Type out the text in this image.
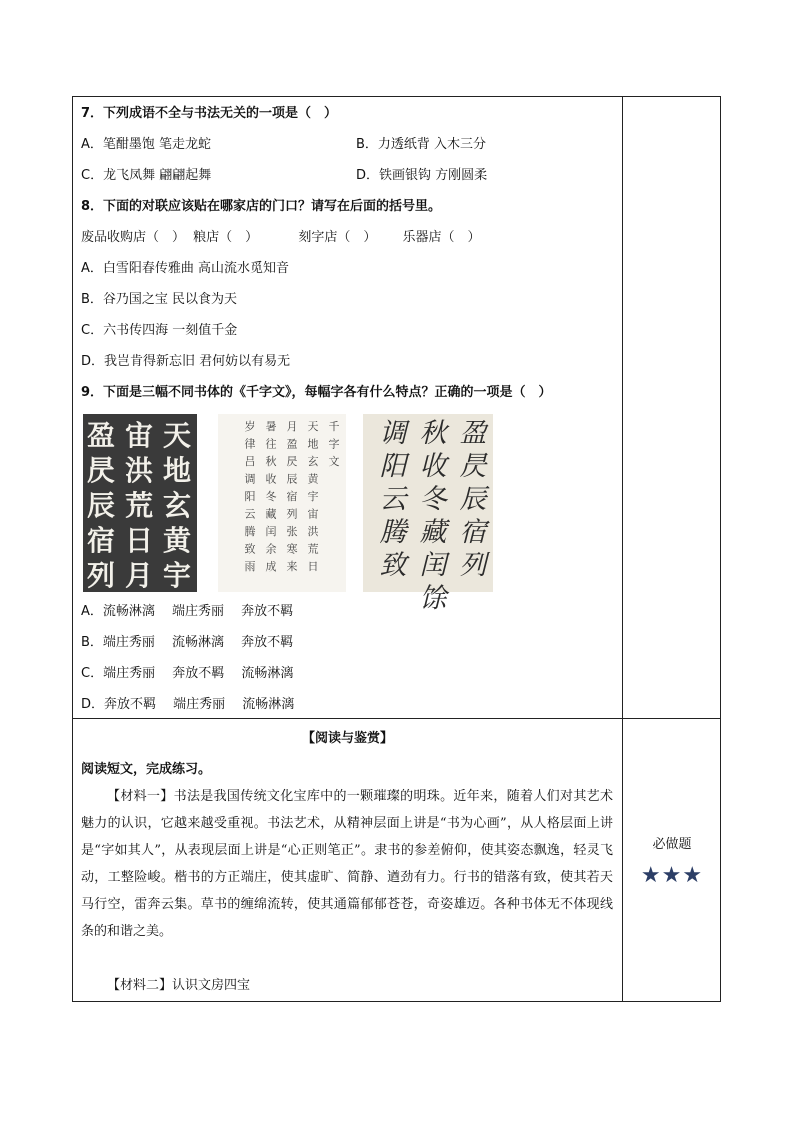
7．下列成语不全与书法无关的一项是（　）
A．笔酣墨饱 笔走龙蛇	B．力透纸背 入木三分
C．龙飞凤舞 翩翩起舞	D．铁画银钩 方刚圆柔
8．下面的对联应该贴在哪家店的门口？请写在后面的括号里。
废品收购店（　） 粮店（　）	刻字店（　） 乐器店（　）
A．白雪阳春传雅曲 高山流水觅知音
B．谷乃国之宝 民以食为天
C．六书传四海 一刻值千金
D．我岂肯得新忘旧 君何妨以有易无
9．下面是三幅不同书体的《千字文》，每幅字各有什么特点？正确的一项是（　）
天
地
玄
黄
宇
宙
洪
荒
日
月
盈
昃
辰
宿
列
千
字
文
天
地
玄
黄
宇
宙
洪
荒
日
月
盈
昃
辰
宿
列
张
寒
来
暑
往
秋
收
冬
藏
闰
余
成
岁
律
吕
调
阳
云
腾
致
雨
盈
昃
辰
宿
列
秋
收
冬
藏
闰
馀
调
阳
云
腾
致
A．流畅淋漓　 端庄秀丽　 奔放不羁
B．端庄秀丽　 流畅淋漓　 奔放不羁
C．端庄秀丽　 奔放不羁　 流畅淋漓
D．奔放不羁　 端庄秀丽　 流畅淋漓
【阅读与鉴赏】
阅读短文，完成练习。
【材料一】书法是我国传统文化宝库中的一颗璀璨的明珠。近年来，随着人们对其艺术魅力的认识，它越来越受重视。书法艺术，从精神层面上讲是“书为心画”，从人格层面上讲是“字如其人”，从表现层面上讲是“心正则笔正”。隶书的参差俯仰，使其姿态飘逸，轻灵飞动，工整险峻。楷书的方正端庄，使其虚旷、简静、遒劲有力。行书的错落有致，使其若天马行空，雷奔云集。草书的缠绵流转，使其通篇郁郁苍苍，奇姿雄迈。各种书体无不体现线条的和谐之美。
【材料二】认识文房四宝
必做题
★★★
